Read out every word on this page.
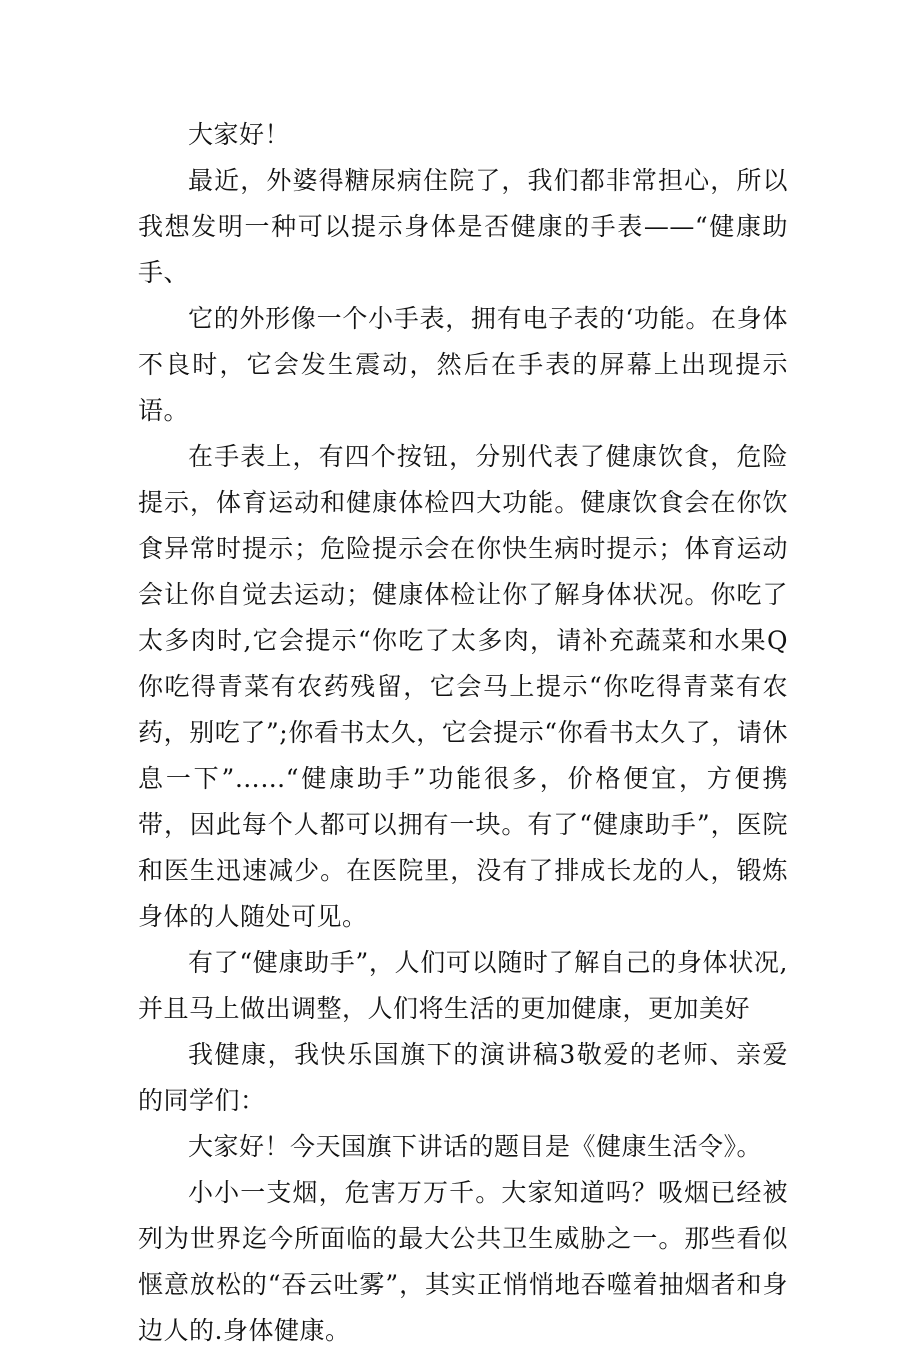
大家好！

最近，外婆得糖尿病住院了，我们都非常担心，所以我想发明一种可以提示身体是否健康的手表——“健康助手、

它的外形像一个小手表，拥有电子表的‘功能。在身体不良时，它会发生震动，然后在手表的屏幕上出现提示语。

在手表上，有四个按钮，分别代表了健康饮食，危险提示，体育运动和健康体检四大功能。健康饮食会在你饮食异常时提示；危险提示会在你快生病时提示；体育运动会让你自觉去运动；健康体检让你了解身体状况。你吃了太多肉时,它会提示“你吃了太多肉，请补充蔬菜和水果Q你吃得青菜有农药残留，它会马上提示“你吃得青菜有农药，别吃了”;你看书太久，它会提示“你看书太久了，请休息一下”……“健康助手”功能很多，价格便宜，方便携带，因此每个人都可以拥有一块。有了“健康助手”，医院和医生迅速减少。在医院里，没有了排成长龙的人，锻炼身体的人随处可见。

有了“健康助手”，人们可以随时了解自己的身体状况,并且马上做出调整，人们将生活的更加健康，更加美好

我健康，我快乐国旗下的演讲稿3敬爱的老师、亲爱的同学们：

大家好！今天国旗下讲话的题目是《健康生活令》。

小小一支烟，危害万万千。大家知道吗？吸烟已经被列为世界迄今所面临的最大公共卫生威胁之一。那些看似惬意放松的“吞云吐雾”，其实正悄悄地吞噬着抽烟者和身边人的.身体健康。
